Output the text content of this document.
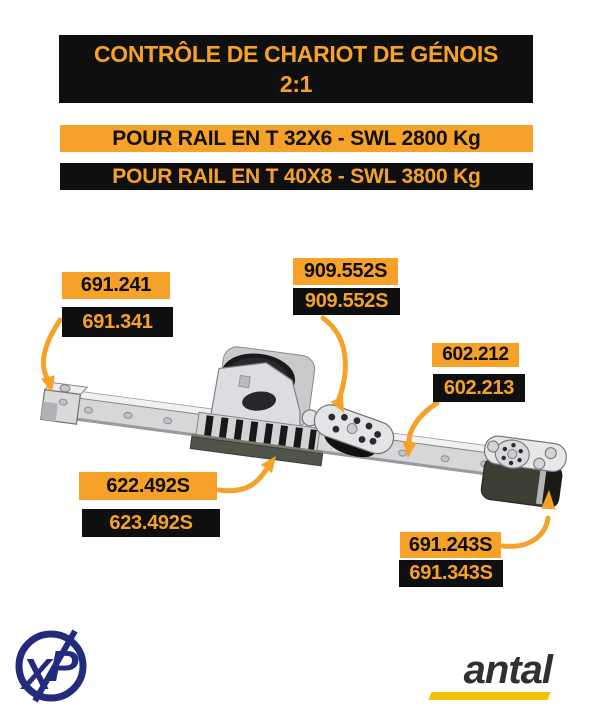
CONTRÔLE DE CHARIOT DE GÉNOIS
2:1
POUR RAIL EN T 32X6 - SWL 2800 Kg
POUR RAIL EN T 40X8 - SWL 3800 Kg
691.241
691.341
909.552S
909.552S
602.212
602.213
622.492S
623.492S
691.243S
691.343S
X
P	antal
